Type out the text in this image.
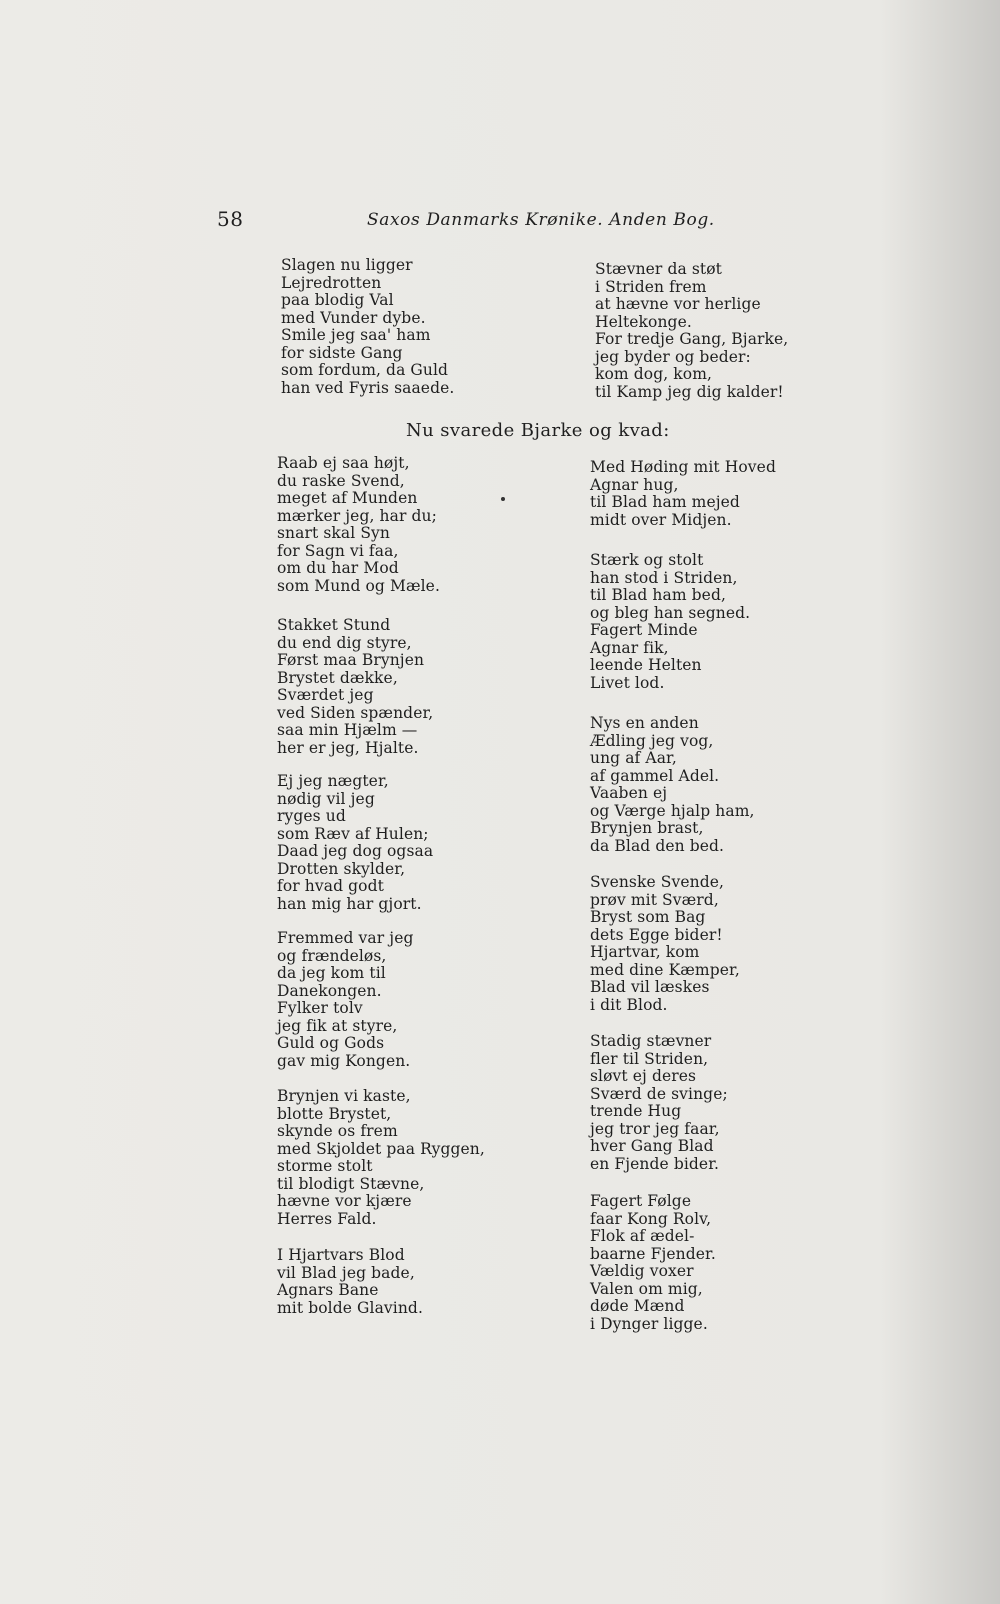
58	Saxos Danmarks Krønike. Anden Bog.
Slagen nu ligger
Lejredrotten
paa blodig Val
med Vunder dybe.
Smile jeg saa' ham
for sidste Gang
som fordum, da Guld
han ved Fyris saaede.
Stævner da støt
i Striden frem
at hævne vor herlige
Heltekonge.
For tredje Gang, Bjarke,
jeg byder og beder:
kom dog, kom,
til Kamp jeg dig kalder!
Nu svarede Bjarke og kvad:
Raab ej saa højt,
du raske Svend,
meget af Munden
mærker jeg, har du;
snart skal Syn
for Sagn vi faa,
om du har Mod
som Mund og Mæle.
Stakket Stund
du end dig styre,
Først maa Brynjen
Brystet dække,
Sværdet jeg
ved Siden spænder,
saa min Hjælm —
her er jeg, Hjalte.
Ej jeg nægter,
nødig vil jeg
ryges ud
som Ræv af Hulen;
Daad jeg dog ogsaa
Drotten skylder,
for hvad godt
han mig har gjort.
Fremmed var jeg
og frændeløs,
da jeg kom til
Danekongen.
Fylker tolv
jeg fik at styre,
Guld og Gods
gav mig Kongen.
Brynjen vi kaste,
blotte Brystet,
skynde os frem
med Skjoldet paa Ryggen,
storme stolt
til blodigt Stævne,
hævne vor kjære
Herres Fald.
I Hjartvars Blod
vil Blad jeg bade,
Agnars Bane
mit bolde Glavind.
Med Høding mit Hoved
Agnar hug,
til Blad ham mejed
midt over Midjen.
Stærk og stolt
han stod i Striden,
til Blad ham bed,
og bleg han segned.
Fagert Minde
Agnar fik,
leende Helten
Livet lod.
Nys en anden
Ædling jeg vog,
ung af Aar,
af gammel Adel.
Vaaben ej
og Værge hjalp ham,
Brynjen brast,
da Blad den bed.
Svenske Svende,
prøv mit Sværd,
Bryst som Bag
dets Egge bider!
Hjartvar, kom
med dine Kæmper,
Blad vil læskes
i dit Blod.
Stadig stævner
fler til Striden,
sløvt ej deres
Sværd de svinge;
trende Hug
jeg tror jeg faar,
hver Gang Blad
en Fjende bider.
Fagert Følge
faar Kong Rolv,
Flok af ædel-
baarne Fjender.
Vældig voxer
Valen om mig,
døde Mænd
i Dynger ligge.
